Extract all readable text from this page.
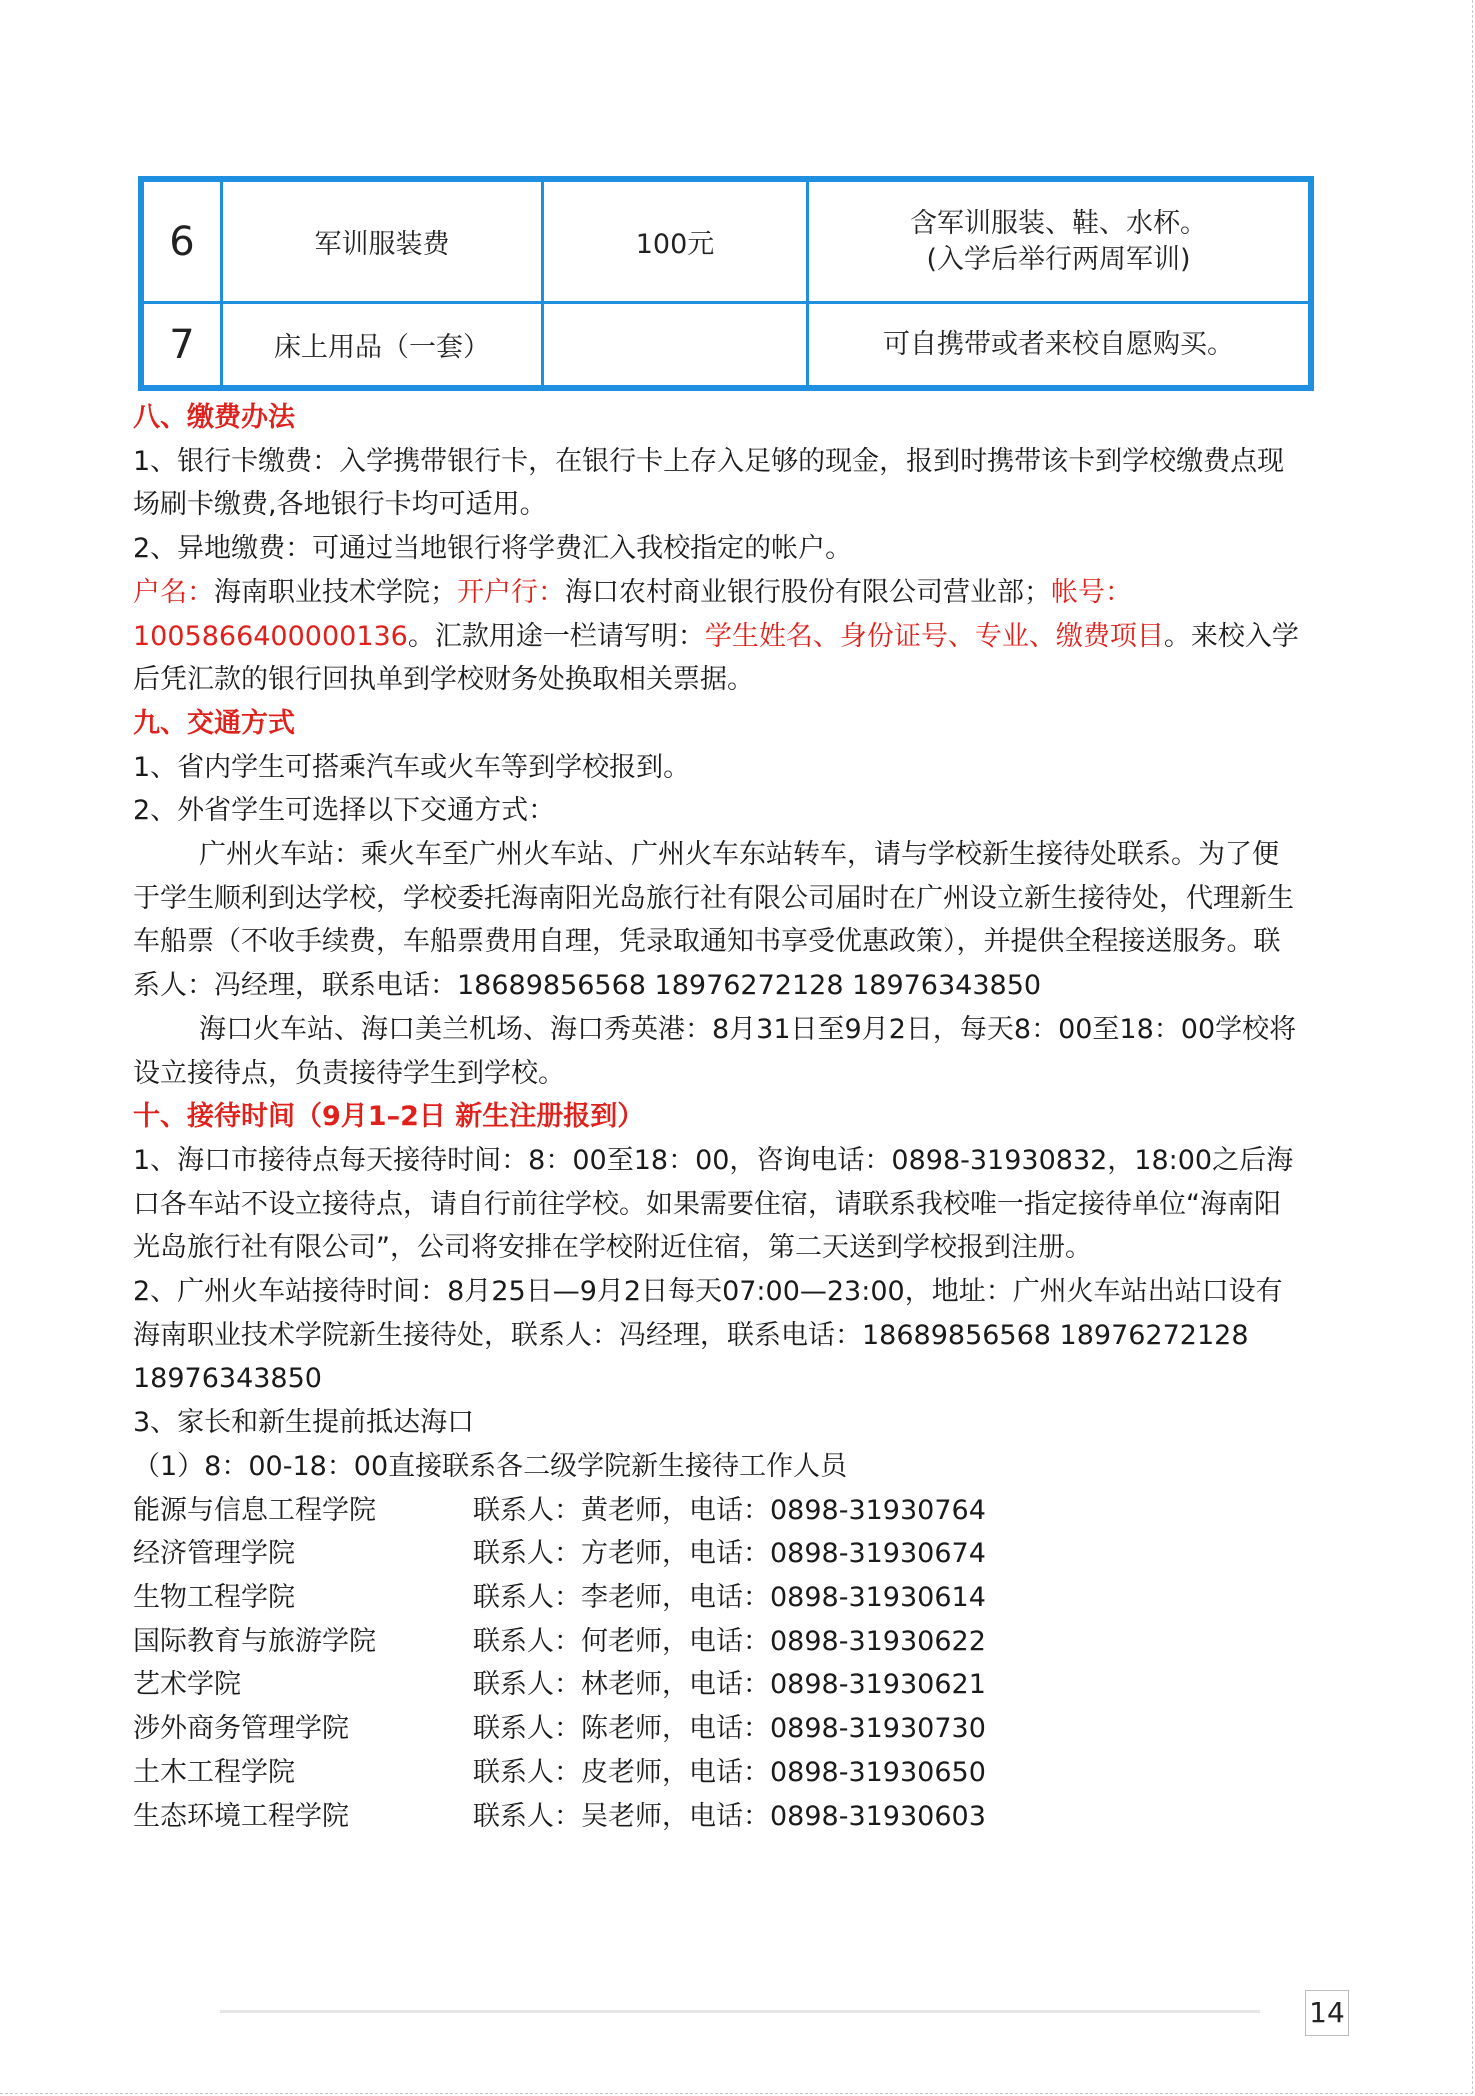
6	军训服装费	100元	含军训服装、鞋、水杯。
(入学后举行两周军训)

7	床上用品（一套）		可自携带或者来校自愿购买。

八、缴费办法

1、银行卡缴费：入学携带银行卡，在银行卡上存入足够的现金，报到时携带该卡到学校缴费点现场刷卡缴费,各地银行卡均可适用。

2、异地缴费：可通过当地银行将学费汇入我校指定的帐户。

户名：海南职业技术学院；开户行：海口农村商业银行股份有限公司营业部；帐号：1005866400000136。汇款用途一栏请写明：学生姓名、身份证号、专业、缴费项目。来校入学后凭汇款的银行回执单到学校财务处换取相关票据。

九、交通方式

1、省内学生可搭乘汽车或火车等到学校报到。

2、外省学生可选择以下交通方式：

广州火车站：乘火车至广州火车站、广州火车东站转车，请与学校新生接待处联系。为了便于学生顺利到达学校，学校委托海南阳光岛旅行社有限公司届时在广州设立新生接待处，代理新生车船票（不收手续费，车船票费用自理，凭录取通知书享受优惠政策），并提供全程接送服务。联系人：冯经理，联系电话：18689856568 18976272128 18976343850

海口火车站、海口美兰机场、海口秀英港：8月31日至9月2日，每天8：00至18：00学校将设立接待点，负责接待学生到学校。

十、接待时间（9月1–2日 新生注册报到）

1、海口市接待点每天接待时间：8：00至18：00，咨询电话：0898-31930832，18:00之后海口各车站不设立接待点，请自行前往学校。如果需要住宿，请联系我校唯一指定接待单位“海南阳光岛旅行社有限公司”，公司将安排在学校附近住宿，第二天送到学校报到注册。

2、广州火车站接待时间：8月25日—9月2日每天07:00—23:00，地址：广州火车站出站口设有海南职业技术学院新生接待处，联系人：冯经理，联系电话：18689856568 18976272128 18976343850

3、家长和新生提前抵达海口

（1）8：00-18：00直接联系各二级学院新生接待工作人员

能源与信息工程学院	联系人：黄老师，电话：0898-31930764
经济管理学院	联系人：方老师，电话：0898-31930674
生物工程学院	联系人：李老师，电话：0898-31930614
国际教育与旅游学院	联系人：何老师，电话：0898-31930622
艺术学院	联系人：林老师，电话：0898-31930621
涉外商务管理学院	联系人：陈老师，电话：0898-31930730
土木工程学院	联系人：皮老师，电话：0898-31930650
生态环境工程学院	联系人：吴老师，电话：0898-31930603
14
